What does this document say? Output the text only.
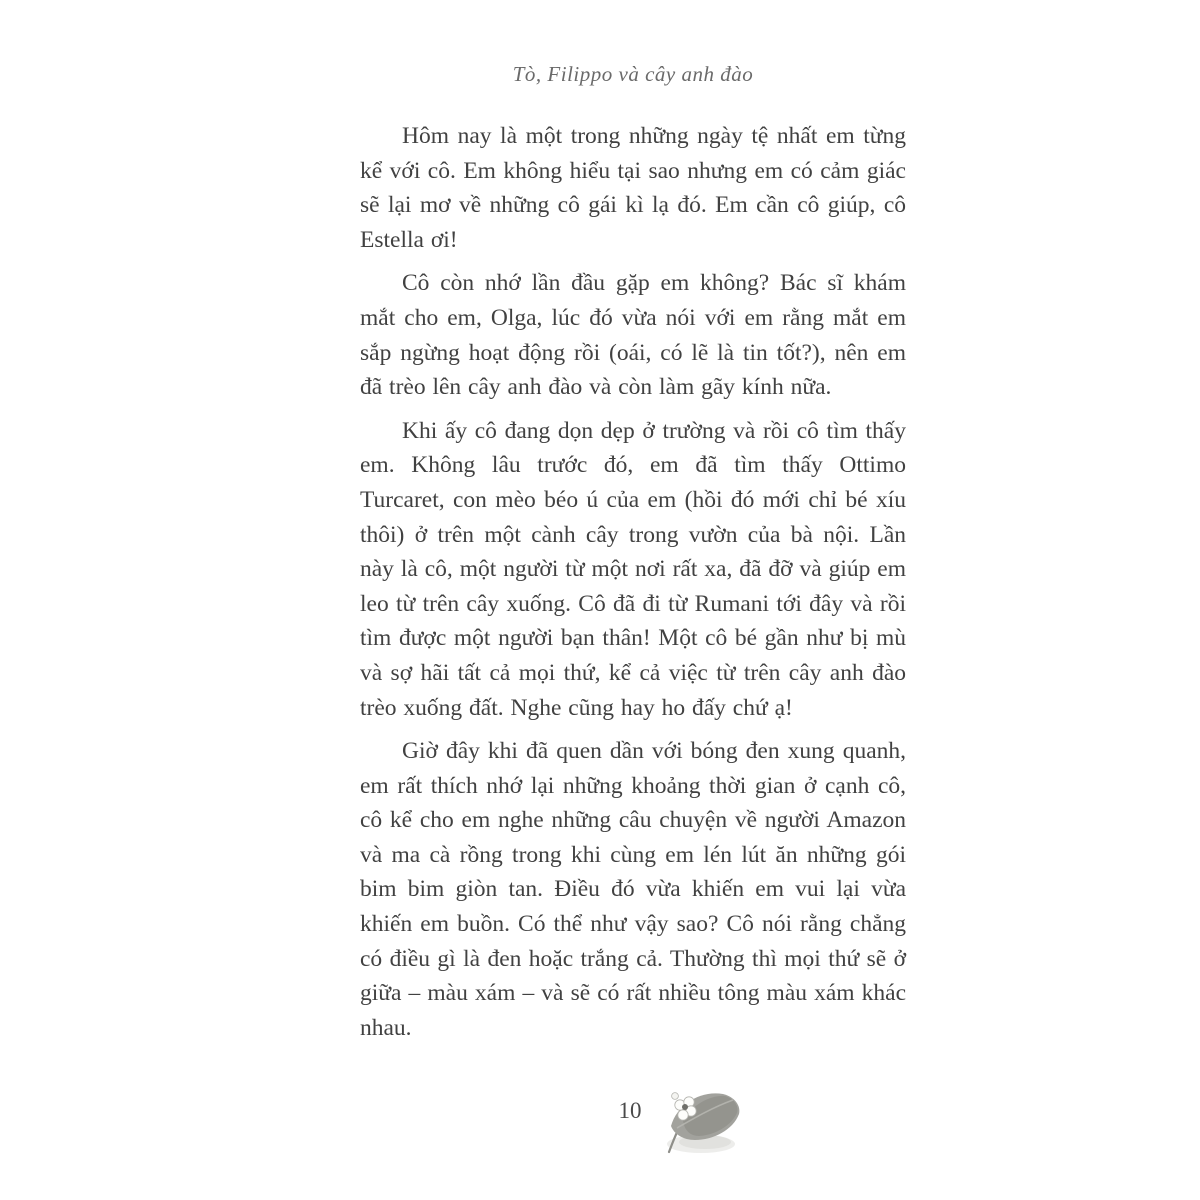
Tò, Filippo và cây anh đào

Hôm nay là một trong những ngày tệ nhất em từng kể với cô. Em không hiểu tại sao nhưng em có cảm giác sẽ lại mơ về những cô gái kì lạ đó. Em cần cô giúp, cô Estella ơi!

Cô còn nhớ lần đầu gặp em không? Bác sĩ khám mắt cho em, Olga, lúc đó vừa nói với em rằng mắt em sắp ngừng hoạt động rồi (oái, có lẽ là tin tốt?), nên em đã trèo lên cây anh đào và còn làm gãy kính nữa.

Khi ấy cô đang dọn dẹp ở trường và rồi cô tìm thấy em. Không lâu trước đó, em đã tìm thấy Ottimo Turcaret, con mèo béo ú của em (hồi đó mới chỉ bé xíu thôi) ở trên một cành cây trong vườn của bà nội. Lần này là cô, một người từ một nơi rất xa, đã đỡ và giúp em leo từ trên cây xuống. Cô đã đi từ Rumani tới đây và rồi tìm được một người bạn thân! Một cô bé gần như bị mù và sợ hãi tất cả mọi thứ, kể cả việc từ trên cây anh đào trèo xuống đất. Nghe cũng hay ho đấy chứ ạ!

Giờ đây khi đã quen dần với bóng đen xung quanh, em rất thích nhớ lại những khoảng thời gian ở cạnh cô, cô kể cho em nghe những câu chuyện về người Amazon và ma cà rồng trong khi cùng em lén lút ăn những gói bim bim giòn tan. Điều đó vừa khiến em vui lại vừa khiến em buồn. Có thể như vậy sao? Cô nói rằng chẳng có điều gì là đen hoặc trắng cả. Thường thì mọi thứ sẽ ở giữa – màu xám – và sẽ có rất nhiều tông màu xám khác nhau.

10
